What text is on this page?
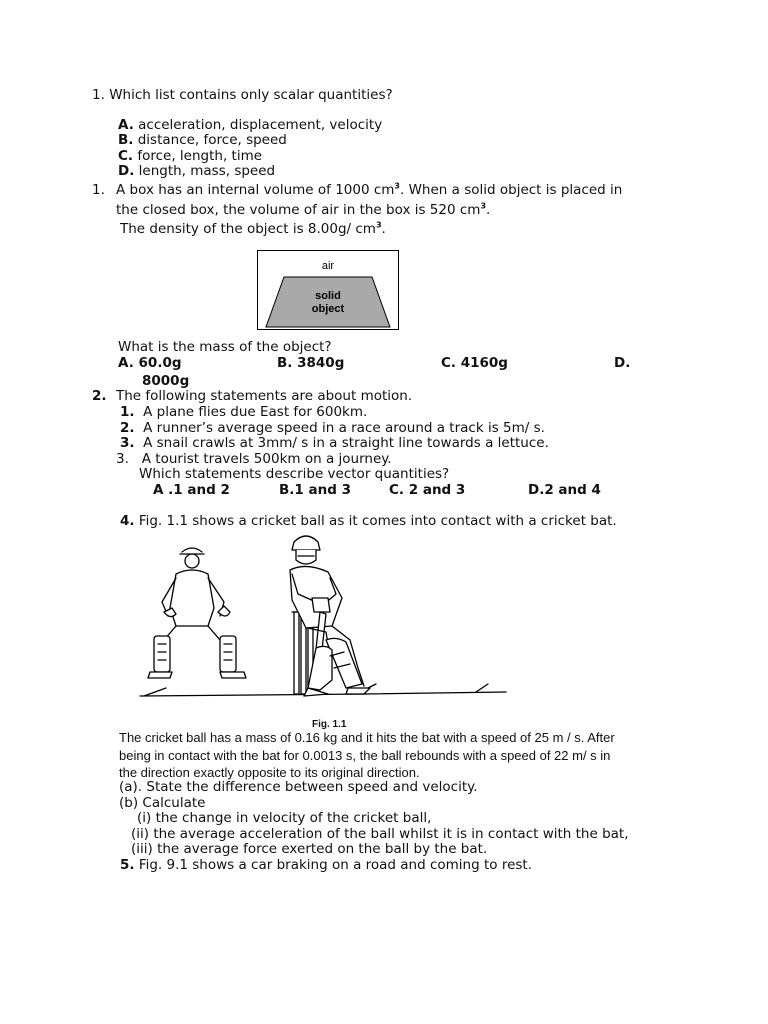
1. Which list contains only scalar quantities?
A. acceleration, displacement, velocity
B. distance, force, speed
C. force, length, time
D. length, mass, speed
1. A box has an internal volume of 1000 $cm^3$. When a solid object is placed in
the closed box, the volume of air in the box is 520 $cm^3$.
The density of the object is 8.00g/ $cm^3$.
air
solid
object
What is the mass of the object?
A. 60.0g	B. 3840g	C. 4160g	D.
8000g
2. The following statements are about motion.
1. A plane flies due East for 600km.
2. A runner’s average speed in a race around a track is 5m/ s.
3. A snail crawls at 3mm/ s in a straight line towards a lettuce.
3. A tourist travels 500km on a journey.
Which statements describe vector quantities?
A .1 and 2	B.1 and 3	C. 2 and 3	D.2 and 4
4. Fig. 1.1 shows a cricket ball as it comes into contact with a cricket bat.
Fig. 1.1
The cricket ball has a mass of 0.16 kg and it hits the bat with a speed of 25 m / s. After
being in contact with the bat for 0.0013 s, the ball rebounds with a speed of 22 m/ s in
the direction exactly opposite to its original direction.
(a). State the difference between speed and velocity.
(b) Calculate
(i) the change in velocity of the cricket ball,
(ii) the average acceleration of the ball whilst it is in contact with the bat,
(iii) the average force exerted on the ball by the bat.
5. Fig. 9.1 shows a car braking on a road and coming to rest.
